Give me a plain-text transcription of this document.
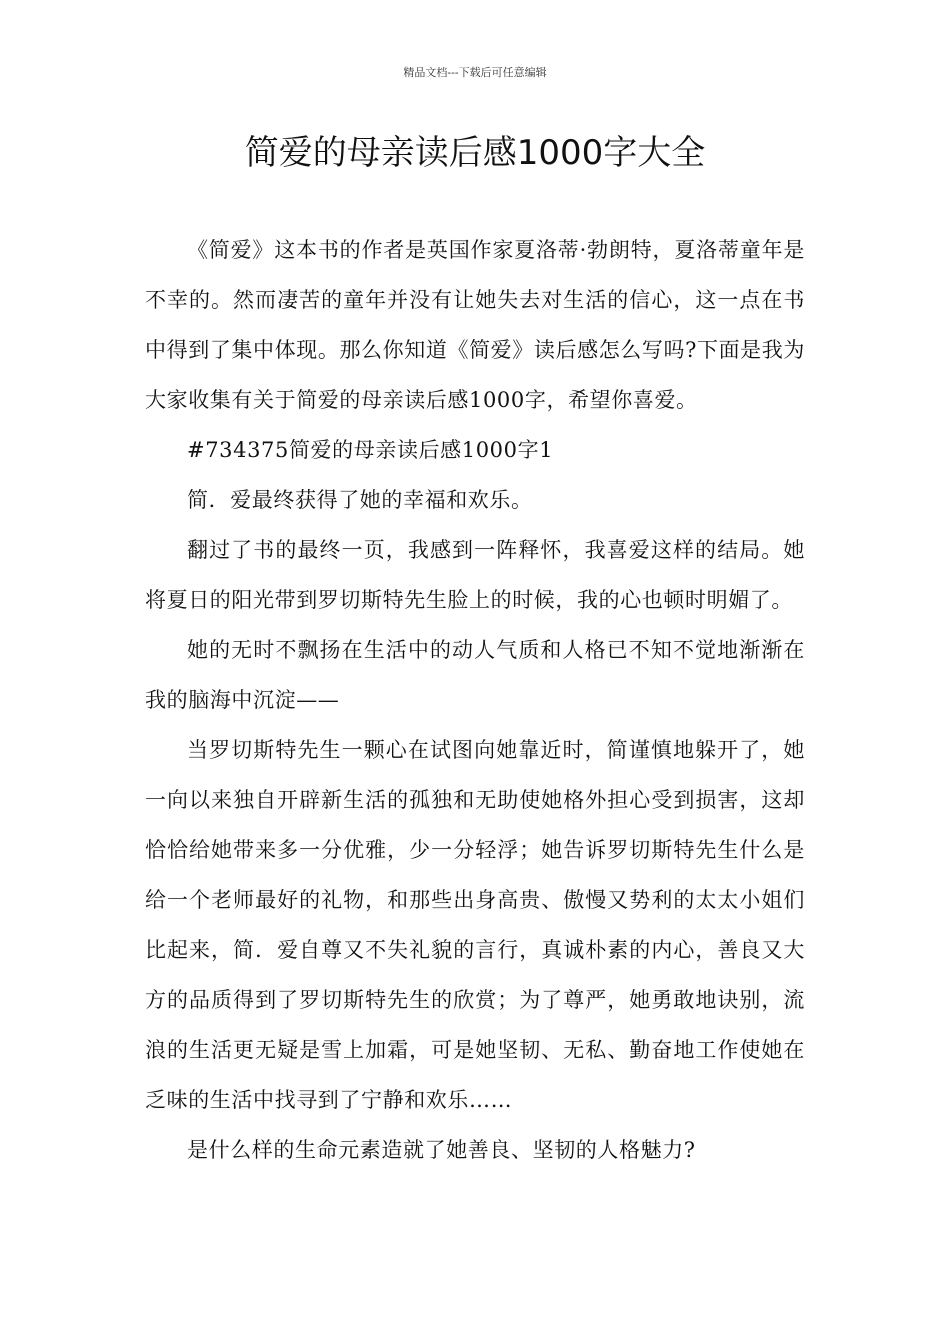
精品文档---下载后可任意编辑
简爱的母亲读后感1000字大全

《简爱》这本书的作者是英国作家夏洛蒂·勃朗特，夏洛蒂童年是不幸的。然而凄苦的童年并没有让她失去对生活的信心，这一点在书中得到了集中体现。那么你知道《简爱》读后感怎么写吗?下面是我为大家收集有关于简爱的母亲读后感1000字，希望你喜爱。

#734375简爱的母亲读后感1000字1

简．爱最终获得了她的幸福和欢乐。

翻过了书的最终一页，我感到一阵释怀，我喜爱这样的结局。她将夏日的阳光带到罗切斯特先生脸上的时候，我的心也顿时明媚了。

她的无时不飘扬在生活中的动人气质和人格已不知不觉地渐渐在我的脑海中沉淀——

当罗切斯特先生一颗心在试图向她靠近时，简谨慎地躲开了，她一向以来独自开辟新生活的孤独和无助使她格外担心受到损害，这却恰恰给她带来多一分优雅，少一分轻浮；她告诉罗切斯特先生什么是给一个老师最好的礼物，和那些出身高贵、傲慢又势利的太太小姐们比起来，简．爱自尊又不失礼貌的言行，真诚朴素的内心，善良又大方的品质得到了罗切斯特先生的欣赏；为了尊严，她勇敢地诀别，流浪的生活更无疑是雪上加霜，可是她坚韧、无私、勤奋地工作使她在乏味的生活中找寻到了宁静和欢乐……

是什么样的生命元素造就了她善良、坚韧的人格魅力?
